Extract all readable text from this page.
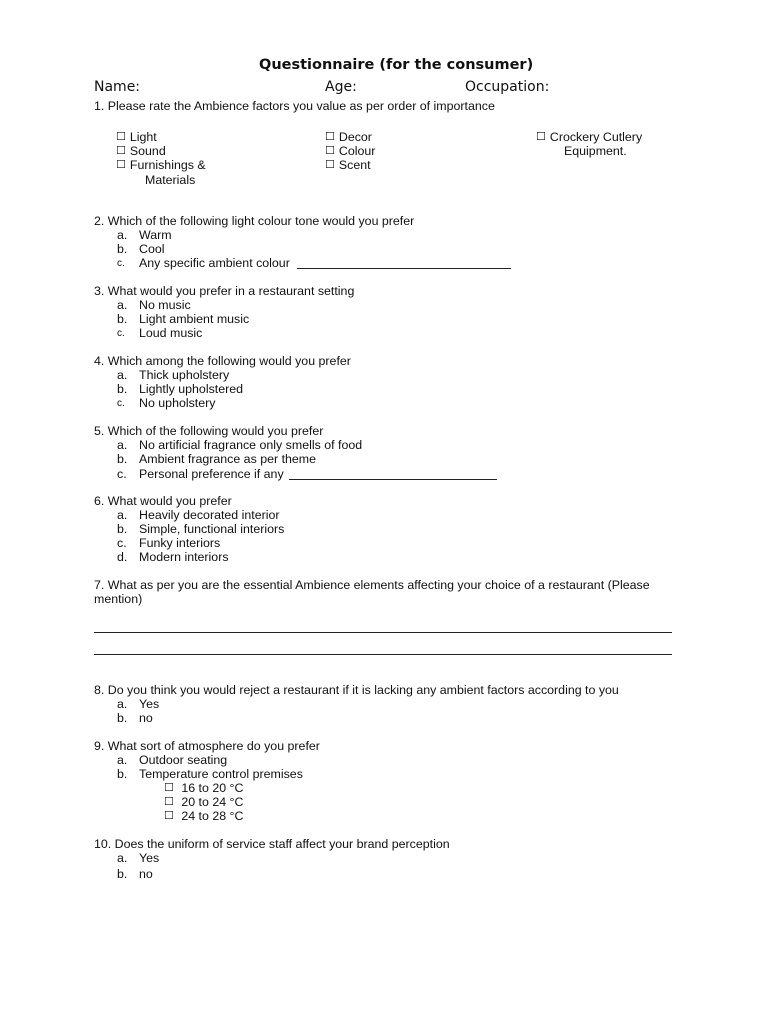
Questionnaire (for the consumer)
Name:	Age:	Occupation:
1. Please rate the Ambience factors you value as per order of importance
☐ Light
☐ Sound
☐ Furnishings &
Materials
☐ Decor
☐ Colour
☐ Scent
☐ Crockery Cutlery
Equipment.
2. Which of the following light colour tone would you prefer
a. Warm
b. Cool
c. Any specific ambient colour
3. What would you prefer in a restaurant setting
a. No music
b. Light ambient music
c. Loud music
4. Which among the following would you prefer
a. Thick upholstery
b. Lightly upholstered
c. No upholstery
5. Which of the following would you prefer
a. No artificial fragrance only smells of food
b. Ambient fragrance as per theme
c. Personal preference if any
6. What would you prefer
a. Heavily decorated interior
b. Simple, functional interiors
c. Funky interiors
d. Modern interiors
7. What as per you are the essential Ambience elements affecting your choice of a restaurant (Please
mention)
8. Do you think you would reject a restaurant if it is lacking any ambient factors according to you
a. Yes
b. no
9. What sort of atmosphere do you prefer
a. Outdoor seating
b. Temperature control premises
☐ 16 to 20 °C
☐ 20 to 24 °C
☐ 24 to 28 °C
10. Does the uniform of service staff affect your brand perception
a. Yes
b. no
